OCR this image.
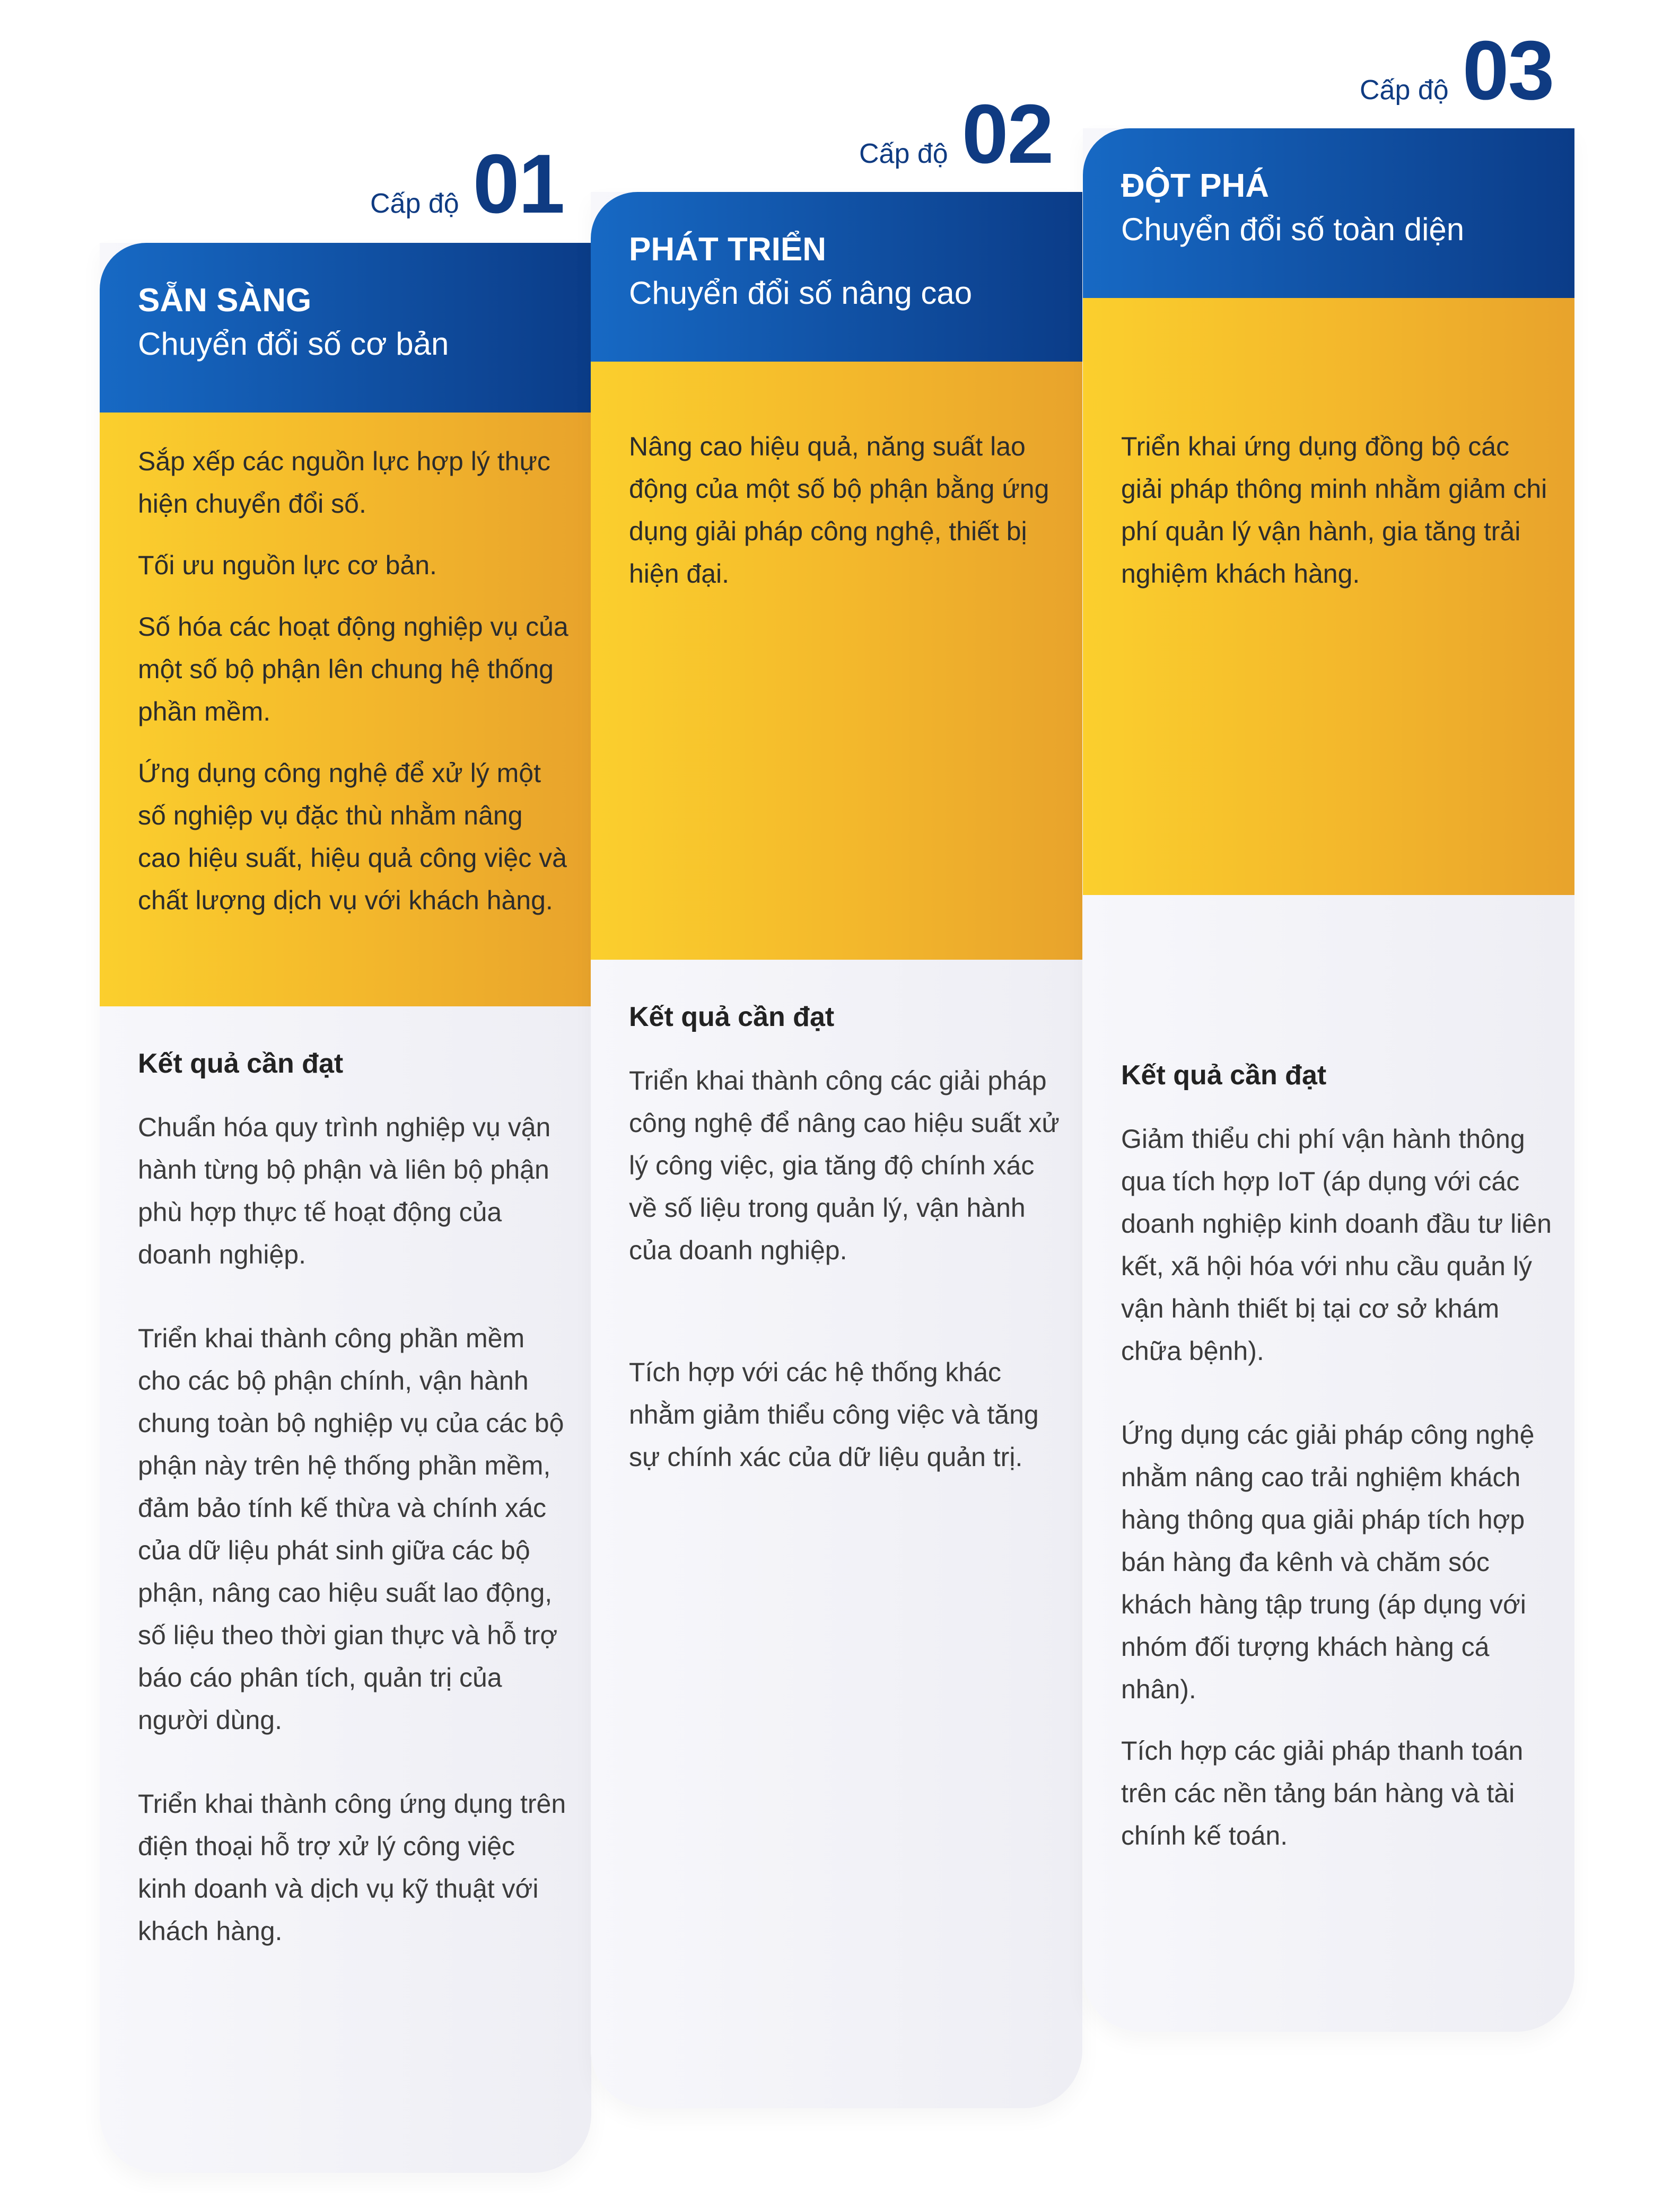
Cấp độ 01	Cấp độ 02	Cấp độ 03
SẴN SÀNG
Chuyển đổi số cơ bản

Sắp xếp các nguồn lực hợp lý thực hiện chuyển đổi số.

Tối ưu nguồn lực cơ bản.

Số hóa các hoạt động nghiệp vụ của một số bộ phận lên chung hệ thống phần mềm.

Ứng dụng công nghệ để xử lý một số nghiệp vụ đặc thù nhằm nâng cao hiệu suất, hiệu quả công việc và chất lượng dịch vụ với khách hàng.

Kết quả cần đạt

Chuẩn hóa quy trình nghiệp vụ vận hành từng bộ phận và liên bộ phận phù hợp thực tế hoạt động của doanh nghiệp.

Triển khai thành công phần mềm cho các bộ phận chính, vận hành chung toàn bộ nghiệp vụ của các bộ phận này trên hệ thống phần mềm, đảm bảo tính kế thừa và chính xác của dữ liệu phát sinh giữa các bộ phận, nâng cao hiệu suất lao động, số liệu theo thời gian thực và hỗ trợ báo cáo phân tích, quản trị của người dùng.

Triển khai thành công ứng dụng trên điện thoại hỗ trợ xử lý công việc kinh doanh và dịch vụ kỹ thuật với khách hàng.

PHÁT TRIỂN
Chuyển đổi số nâng cao

Nâng cao hiệu quả, năng suất lao động của một số bộ phận bằng ứng dụng giải pháp công nghệ, thiết bị hiện đại.

Kết quả cần đạt

Triển khai thành công các giải pháp công nghệ để nâng cao hiệu suất xử lý công việc, gia tăng độ chính xác về số liệu trong quản lý, vận hành của doanh nghiệp.

Tích hợp với các hệ thống khác nhằm giảm thiểu công việc và tăng sự chính xác của dữ liệu quản trị.

ĐỘT PHÁ
Chuyển đổi số toàn diện

Triển khai ứng dụng đồng bộ các giải pháp thông minh nhằm giảm chi phí quản lý vận hành, gia tăng trải nghiệm khách hàng.

Kết quả cần đạt

Giảm thiểu chi phí vận hành thông qua tích hợp IoT (áp dụng với các doanh nghiệp kinh doanh đầu tư liên kết, xã hội hóa với nhu cầu quản lý vận hành thiết bị tại cơ sở khám chữa bệnh).

Ứng dụng các giải pháp công nghệ nhằm nâng cao trải nghiệm khách hàng thông qua giải pháp tích hợp bán hàng đa kênh và chăm sóc khách hàng tập trung (áp dụng với nhóm đối tượng khách hàng cá nhân).

Tích hợp các giải pháp thanh toán trên các nền tảng bán hàng và tài chính kế toán.
